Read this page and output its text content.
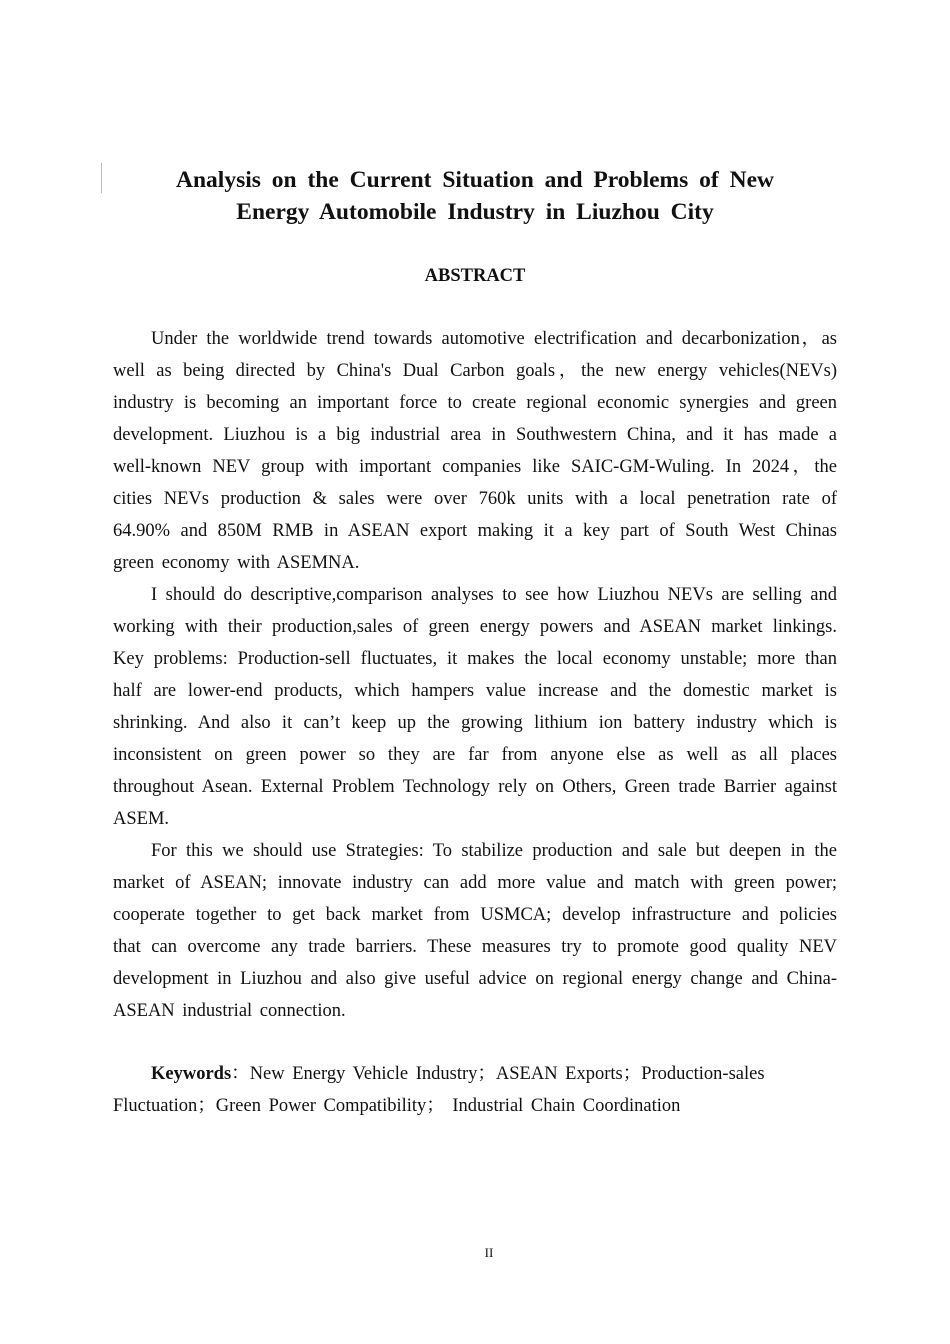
Analysis on the Current Situation and Problems of New
Energy Automobile Industry in Liuzhou City
ABSTRACT

Under the worldwide trend towards automotive electrification and decarbonization，as well as being directed by China's Dual Carbon goals，the new energy vehicles(NEVs) industry is becoming an important force to create regional economic synergies and green development. Liuzhou is a big industrial area in Southwestern China, and it has made a well-known NEV group with important companies like SAIC-GM-Wuling. In 2024，the cities NEVs production & sales were over 760k units with a local penetration rate of 64.90% and 850M RMB in ASEAN export making it a key part of South West Chinas green economy with ASEMNA.

I should do descriptive,comparison analyses to see how Liuzhou NEVs are selling and working with their production,sales of green energy powers and ASEAN market linkings. Key problems: Production-sell fluctuates, it makes the local economy unstable; more than half are lower-end products, which hampers value increase and the domestic market is shrinking. And also it can’t keep up the growing lithium ion battery industry which is inconsistent on green power so they are far from anyone else as well as all places throughout Asean. External Problem Technology rely on Others, Green trade Barrier against ASEM.

For this we should use Strategies: To stabilize production and sale but deepen in the market of ASEAN; innovate industry can add more value and match with green power; cooperate together to get back market from USMCA; develop infrastructure and policies that can overcome any trade barriers. These measures try to promote good quality NEV development in Liuzhou and also give useful advice on regional energy change and China-ASEAN industrial connection.

Keywords：New Energy Vehicle Industry；ASEAN Exports；Production-sales Fluctuation；Green Power Compatibility； Industrial Chain Coordination

II
